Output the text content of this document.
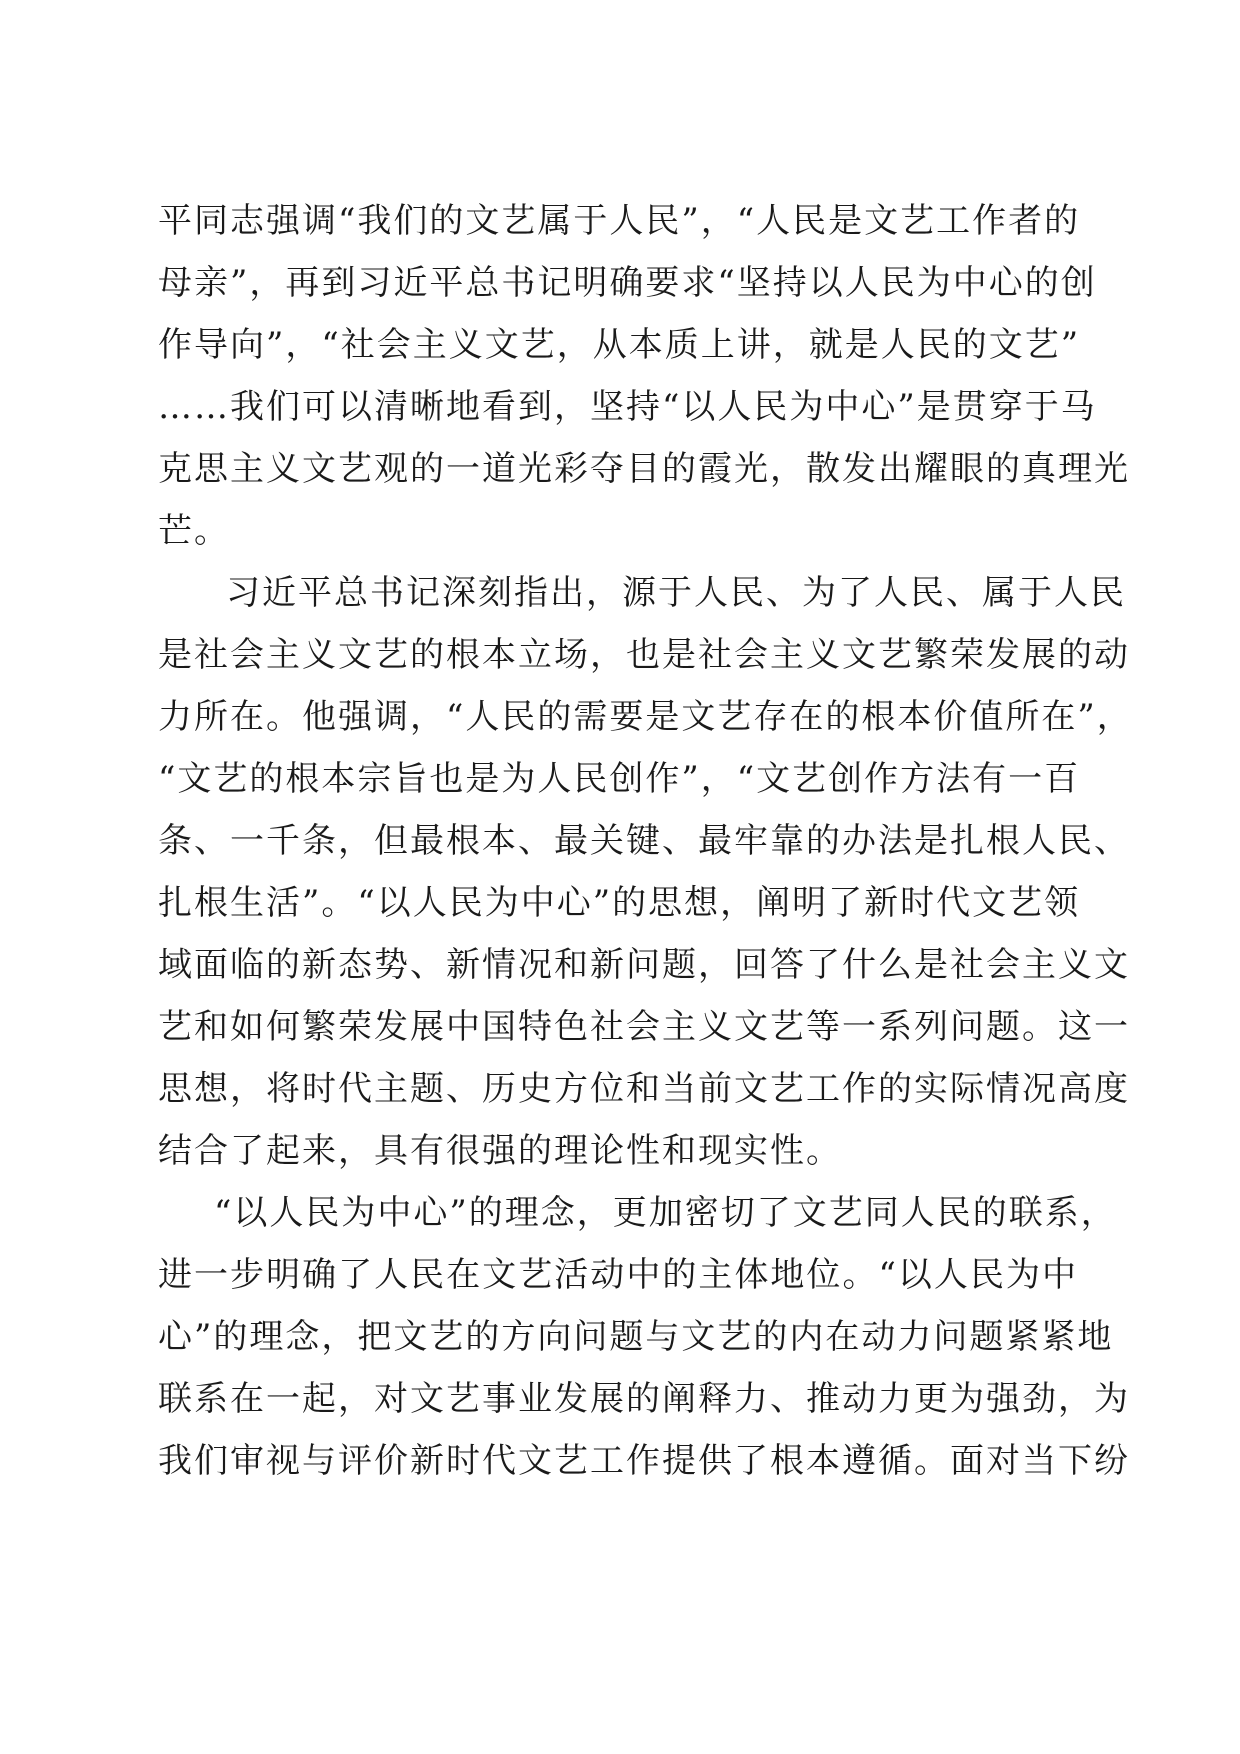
平同志强调“我们的文艺属于人民”，“人民是文艺工作者的
母亲”，再到习近平总书记明确要求“坚持以人民为中心的创
作导向”，“社会主义文艺，从本质上讲，就是人民的文艺”
……我们可以清晰地看到，坚持“以人民为中心”是贯穿于马
克思主义文艺观的一道光彩夺目的霞光，散发出耀眼的真理光
芒。
习近平总书记深刻指出，源于人民、为了人民、属于人民
是社会主义文艺的根本立场，也是社会主义文艺繁荣发展的动
力所在。他强调，“人民的需要是文艺存在的根本价值所在”，
“文艺的根本宗旨也是为人民创作”，“文艺创作方法有一百
条、一千条，但最根本、最关键、最牢靠的办法是扎根人民、
扎根生活”。“以人民为中心”的思想，阐明了新时代文艺领
域面临的新态势、新情况和新问题，回答了什么是社会主义文
艺和如何繁荣发展中国特色社会主义文艺等一系列问题。这一
思想，将时代主题、历史方位和当前文艺工作的实际情况高度
结合了起来，具有很强的理论性和现实性。
“以人民为中心”的理念，更加密切了文艺同人民的联系，
进一步明确了人民在文艺活动中的主体地位。“以人民为中
心”的理念，把文艺的方向问题与文艺的内在动力问题紧紧地
联系在一起，对文艺事业发展的阐释力、推动力更为强劲，为
我们审视与评价新时代文艺工作提供了根本遵循。面对当下纷
